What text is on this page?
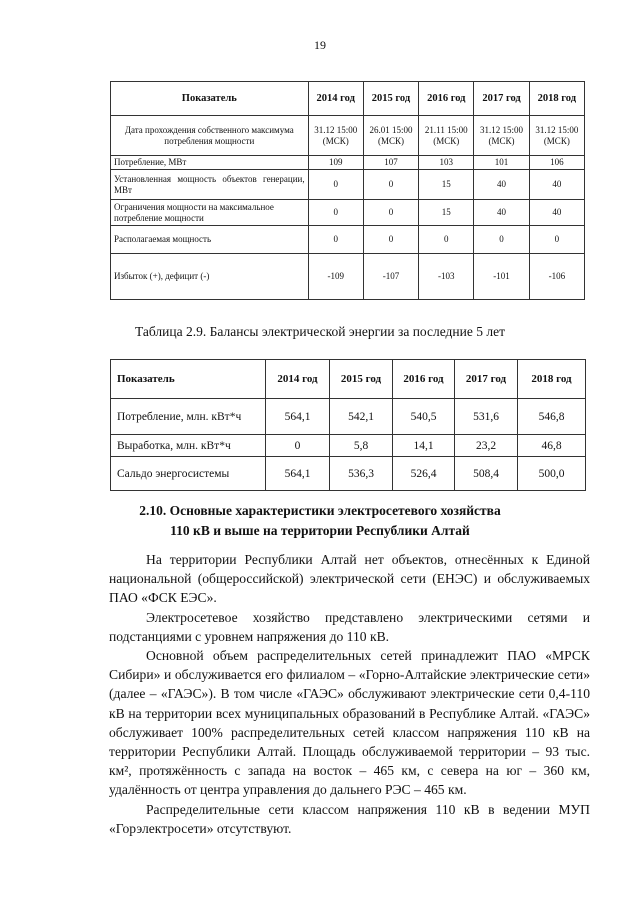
19
Показатель	2014 год	2015 год	2016 год	2017 год	2018 год
Дата прохождения собственного максимума потребления мощности	31.12 15:00 (МСК)	26.01 15:00 (МСК)	21.11 15:00 (МСК)	31.12 15:00 (МСК)	31.12 15:00 (МСК)
Потребление, МВт	109	107	103	101	106

Установленная мощность объектов генерации, МВт	0	0	15	40	40
Ограничения мощности на максимальное потребление мощности	0	0	15	40	40
Располагаемая мощность	0	0	0	0	0
Избыток (+), дефицит (-)	-109	-107	-103	-101	-106
Таблица 2.9. Балансы электрической энергии за последние 5 лет
Показатель	2014 год	2015 год	2016 год	2017 год	2018 год
Потребление, млн. кВт*ч	564,1	542,1	540,5	531,6	546,8
Выработка, млн. кВт*ч	0	5,8	14,1	23,2	46,8
Сальдо энергосистемы	564,1	536,3	526,4	508,4	500,0
2.10. Основные характеристики электросетевого хозяйства
110 кВ и выше на территории Республики Алтай

На территории Республики Алтай нет объектов, отнесённых к Единой национальной (общероссийской) электрической сети (ЕНЭС) и обслуживаемых ПАО «ФСК ЕЭС».

Электросетевое хозяйство представлено электрическими сетями и подстанциями с уровнем напряжения до 110 кВ.

Основной объем распределительных сетей принадлежит ПАО «МРСК Сибири» и обслуживается его филиалом – «Горно-Алтайские электрические сети» (далее – «ГАЭС»). В том числе «ГАЭС» обслуживают электрические сети 0,4-110 кВ на территории всех муниципальных образований в Республике Алтай. «ГАЭС» обслуживает 100% распределительных сетей классом напряжения 110 кВ на территории Республики Алтай. Площадь обслуживаемой территории – 93 тыс. км², протяжённость с запада на восток – 465 км, с севера на юг – 360 км, удалённость от центра управления до дальнего РЭС – 465 км.

Распределительные сети классом напряжения 110 кВ в ведении МУП «Горэлектросети» отсутствуют.
